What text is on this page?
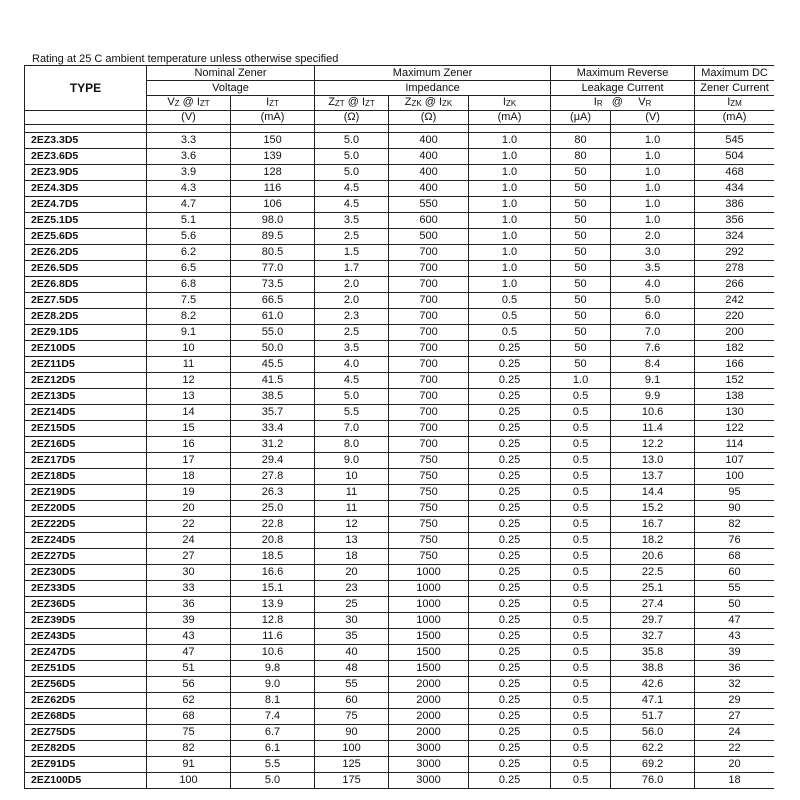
Rating at 25 C ambient temperature unless otherwise specified
TYPE	Nominal Zener		Maximum Zener			Maximum Reverse		Maximum DC
	Voltage		Impedance			Leakage Current		Zener Current
	$V_Z$ @ $I_{ZT}$	$I_{ZT}$	$Z_{ZT}$ @ $I_{ZT}$	$Z_{ZK}$ @ $I_{ZK}$	$I_{ZK}$	$I_R$ @ $V_R$		$I_{ZM}$
	(V)	(mA)	(Ω)	(Ω)	(mA)	(μA)	(V)	(mA)

2EZ3.3D5	3.3	150	5.0	400	1.0	80	1.0	545
2EZ3.6D5	3.6	139	5.0	400	1.0	80	1.0	504
2EZ3.9D5	3.9	128	5.0	400	1.0	50	1.0	468
2EZ4.3D5	4.3	116	4.5	400	1.0	50	1.0	434
2EZ4.7D5	4.7	106	4.5	550	1.0	50	1.0	386
2EZ5.1D5	5.1	98.0	3.5	600	1.0	50	1.0	356
2EZ5.6D5	5.6	89.5	2.5	500	1.0	50	2.0	324
2EZ6.2D5	6.2	80.5	1.5	700	1.0	50	3.0	292
2EZ6.5D5	6.5	77.0	1.7	700	1.0	50	3.5	278
2EZ6.8D5	6.8	73.5	2.0	700	1.0	50	4.0	266
2EZ7.5D5	7.5	66.5	2.0	700	0.5	50	5.0	242
2EZ8.2D5	8.2	61.0	2.3	700	0.5	50	6.0	220
2EZ9.1D5	9.1	55.0	2.5	700	0.5	50	7.0	200
2EZ10D5	10	50.0	3.5	700	0.25	50	7.6	182
2EZ11D5	11	45.5	4.0	700	0.25	50	8.4	166
2EZ12D5	12	41.5	4.5	700	0.25	1.0	9.1	152
2EZ13D5	13	38.5	5.0	700	0.25	0.5	9.9	138
2EZ14D5	14	35.7	5.5	700	0.25	0.5	10.6	130
2EZ15D5	15	33.4	7.0	700	0.25	0.5	11.4	122
2EZ16D5	16	31.2	8.0	700	0.25	0.5	12.2	114
2EZ17D5	17	29.4	9.0	750	0.25	0.5	13.0	107
2EZ18D5	18	27.8	10	750	0.25	0.5	13.7	100
2EZ19D5	19	26.3	11	750	0.25	0.5	14.4	95
2EZ20D5	20	25.0	11	750	0.25	0.5	15.2	90
2EZ22D5	22	22.8	12	750	0.25	0.5	16.7	82
2EZ24D5	24	20.8	13	750	0.25	0.5	18.2	76
2EZ27D5	27	18.5	18	750	0.25	0.5	20.6	68
2EZ30D5	30	16.6	20	1000	0.25	0.5	22.5	60
2EZ33D5	33	15.1	23	1000	0.25	0.5	25.1	55
2EZ36D5	36	13.9	25	1000	0.25	0.5	27.4	50
2EZ39D5	39	12.8	30	1000	0.25	0.5	29.7	47
2EZ43D5	43	11.6	35	1500	0.25	0.5	32.7	43
2EZ47D5	47	10.6	40	1500	0.25	0.5	35.8	39
2EZ51D5	51	9.8	48	1500	0.25	0.5	38.8	36
2EZ56D5	56	9.0	55	2000	0.25	0.5	42.6	32
2EZ62D5	62	8.1	60	2000	0.25	0.5	47.1	29
2EZ68D5	68	7.4	75	2000	0.25	0.5	51.7	27
2EZ75D5	75	6.7	90	2000	0.25	0.5	56.0	24
2EZ82D5	82	6.1	100	3000	0.25	0.5	62.2	22
2EZ91D5	91	5.5	125	3000	0.25	0.5	69.2	20
2EZ100D5	100	5.0	175	3000	0.25	0.5	76.0	18
